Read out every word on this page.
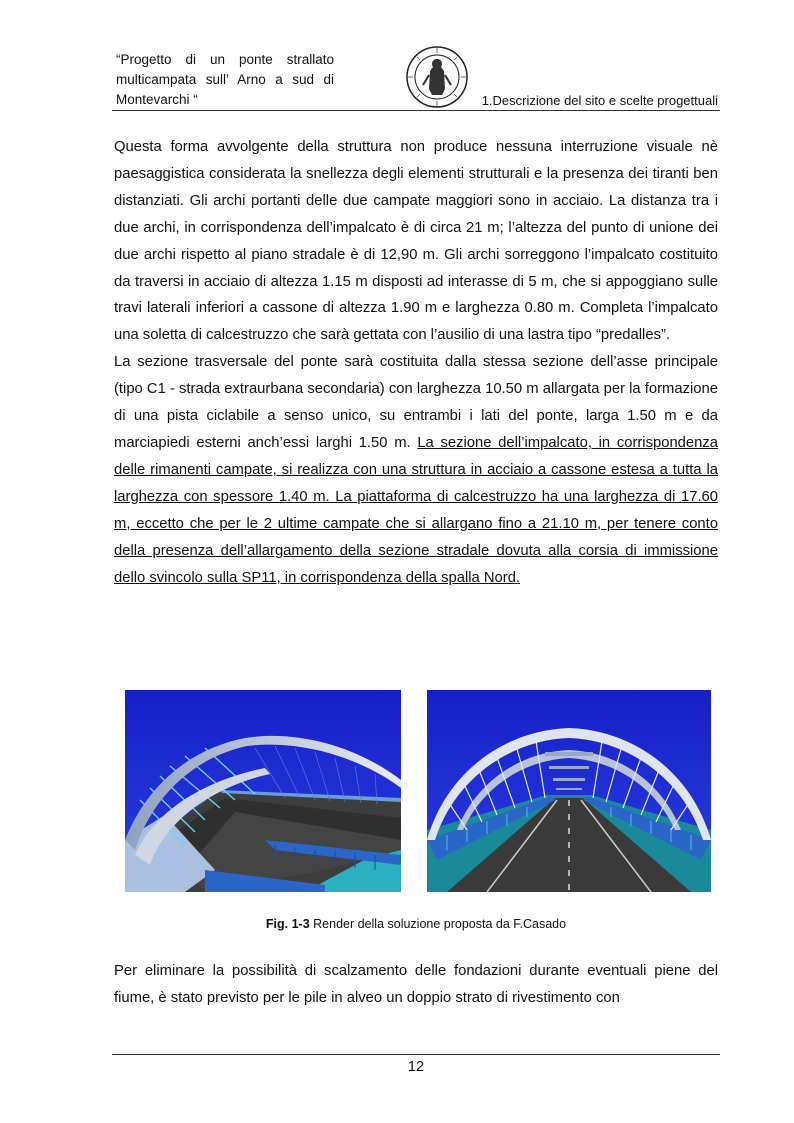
“Progetto di un ponte strallato
multicampata sull’ Arno a sud di
Montevarchi “	1.Descrizione del sito e scelte progettuali

Questa forma avvolgente della struttura non produce nessuna interruzione visuale nè paesaggistica considerata la snellezza degli elementi strutturali e la presenza dei tiranti ben distanziati. Gli archi portanti delle due campate maggiori sono in acciaio. La distanza tra i due archi, in corrispondenza dell’impalcato è di circa 21 m; l’altezza del punto di unione dei due archi rispetto al piano stradale è di 12,90 m. Gli archi sorreggono l’impalcato costituito da traversi in acciaio di altezza 1.15 m disposti ad interasse di 5 m, che si appoggiano sulle travi laterali inferiori a cassone di altezza 1.90 m e larghezza 0.80 m. Completa l’impalcato una soletta di calcestruzzo che sarà gettata con l’ausilio di una lastra tipo “predalles”.

La sezione trasversale del ponte sarà costituita dalla stessa sezione dell’asse principale (tipo C1 - strada extraurbana secondaria) con larghezza 10.50 m allargata per la formazione di una pista ciclabile a senso unico, su entrambi i lati del ponte, larga 1.50 m e da marciapiedi esterni anch’essi larghi 1.50 m. La sezione dell’impalcato, in corrispondenza delle rimanenti campate, si realizza con una struttura in acciaio a cassone estesa a tutta la larghezza con spessore 1.40 m. La piattaforma di calcestruzzo ha una larghezza di 17.60 m, eccetto che per le 2 ultime campate che si allargano fino a 21.10 m, per tenere conto della presenza dell’allargamento della sezione stradale dovuta alla corsia di immissione dello svincolo sulla SP11, in corrispondenza della spalla Nord.

Fig. 1-3 Render della soluzione proposta da F.Casado

Per eliminare la possibilità di scalzamento delle fondazioni durante eventuali piene del fiume, è stato previsto per le pile in alveo un doppio strato di rivestimento con

12
